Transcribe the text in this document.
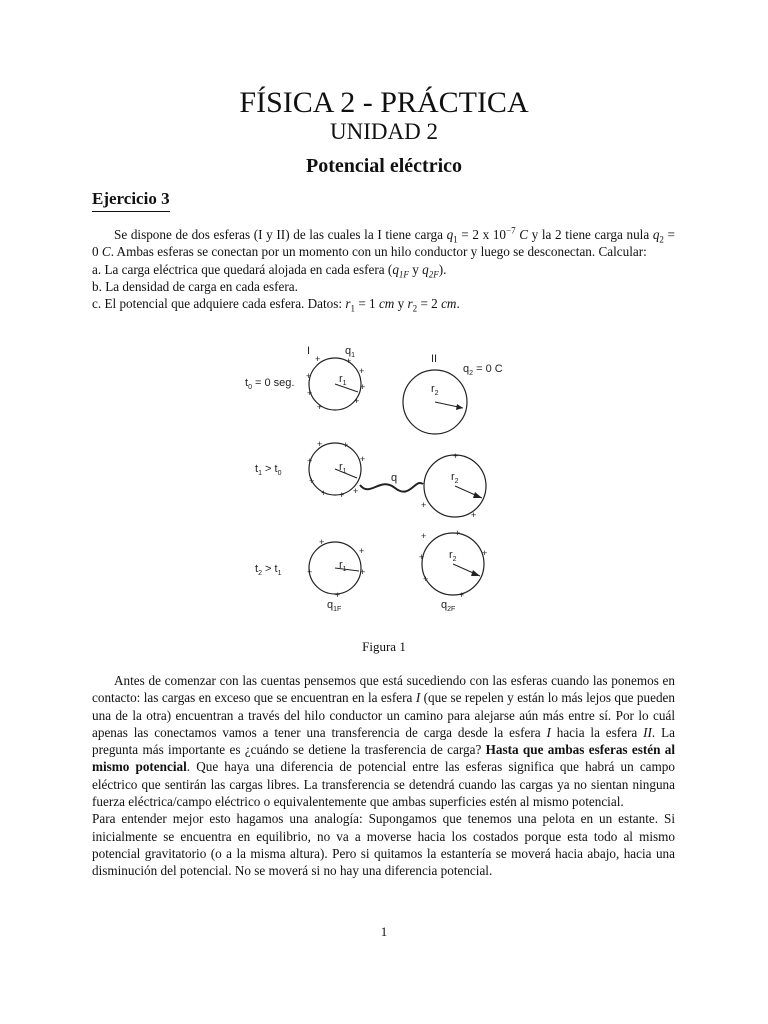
FÍSICA 2 - PRÁCTICA
UNIDAD 2
Potencial eléctrico
Ejercicio 3
Se dispone de dos esferas (I y II) de las cuales la I tiene carga $q_1 = 2$ x $10^{-7}$ C y la 2 tiene carga nula $q_2 = 0$ C. Ambas esferas se conectan por un momento con un hilo conductor y luego se desconectan. Calcular:
a. La carga eléctrica que quedará alojada en cada esfera ($q_{1F}$ y $q_{2F}$).
b. La densidad de carga en cada esfera.
c. El potencial que adquiere cada esfera. Datos: $r_1 = 1$ cm y $r_2 = 2$ cm.
I	$q_1$	II
$q_2 = 0$ C
$t_0 = 0$ seg.	$r_1$
+	+
+
+
+
+
+
+
$r_2$
$t_1 > t_0$
$r_1$
+ +
+	+
+
+ + +
q	$r_2$
+
+
+
$t_2 > t_1$
$r_1$
+
+
+	+
+
$q_{1F}$
$r_2$
+	+
+
+
+
+
$q_{2F}$
Figura 1
Antes de comenzar con las cuentas pensemos que está sucediendo con las esferas cuando las ponemos en contacto: las cargas en exceso que se encuentran en la esfera I (que se repelen y están lo más lejos que pueden una de la otra) encuentran a través del hilo conductor un camino para alejarse aún más entre sí. Por lo cuál apenas las conectamos vamos a tener una transferencia de carga desde la esfera I hacia la esfera II. La pregunta más importante es ¿cuándo se detiene la trasferencia de carga? Hasta que ambas esferas estén al mismo potencial. Que haya una diferencia de potencial entre las esferas significa que habrá un campo eléctrico que sentirán las cargas libres. La transferencia se detendrá cuando las cargas ya no sientan ninguna fuerza eléctrica/campo eléctrico o equivalentemente que ambas superficies estén al mismo potencial.
Para entender mejor esto hagamos una analogía: Supongamos que tenemos una pelota en un estante. Si inicialmente se encuentra en equilibrio, no va a moverse hacia los costados porque esta todo al mismo potencial gravitatorio (o a la misma altura). Pero si quitamos la estantería se moverá hacia abajo, hacia una disminución del potencial. No se moverá si no hay una diferencia potencial.
1
